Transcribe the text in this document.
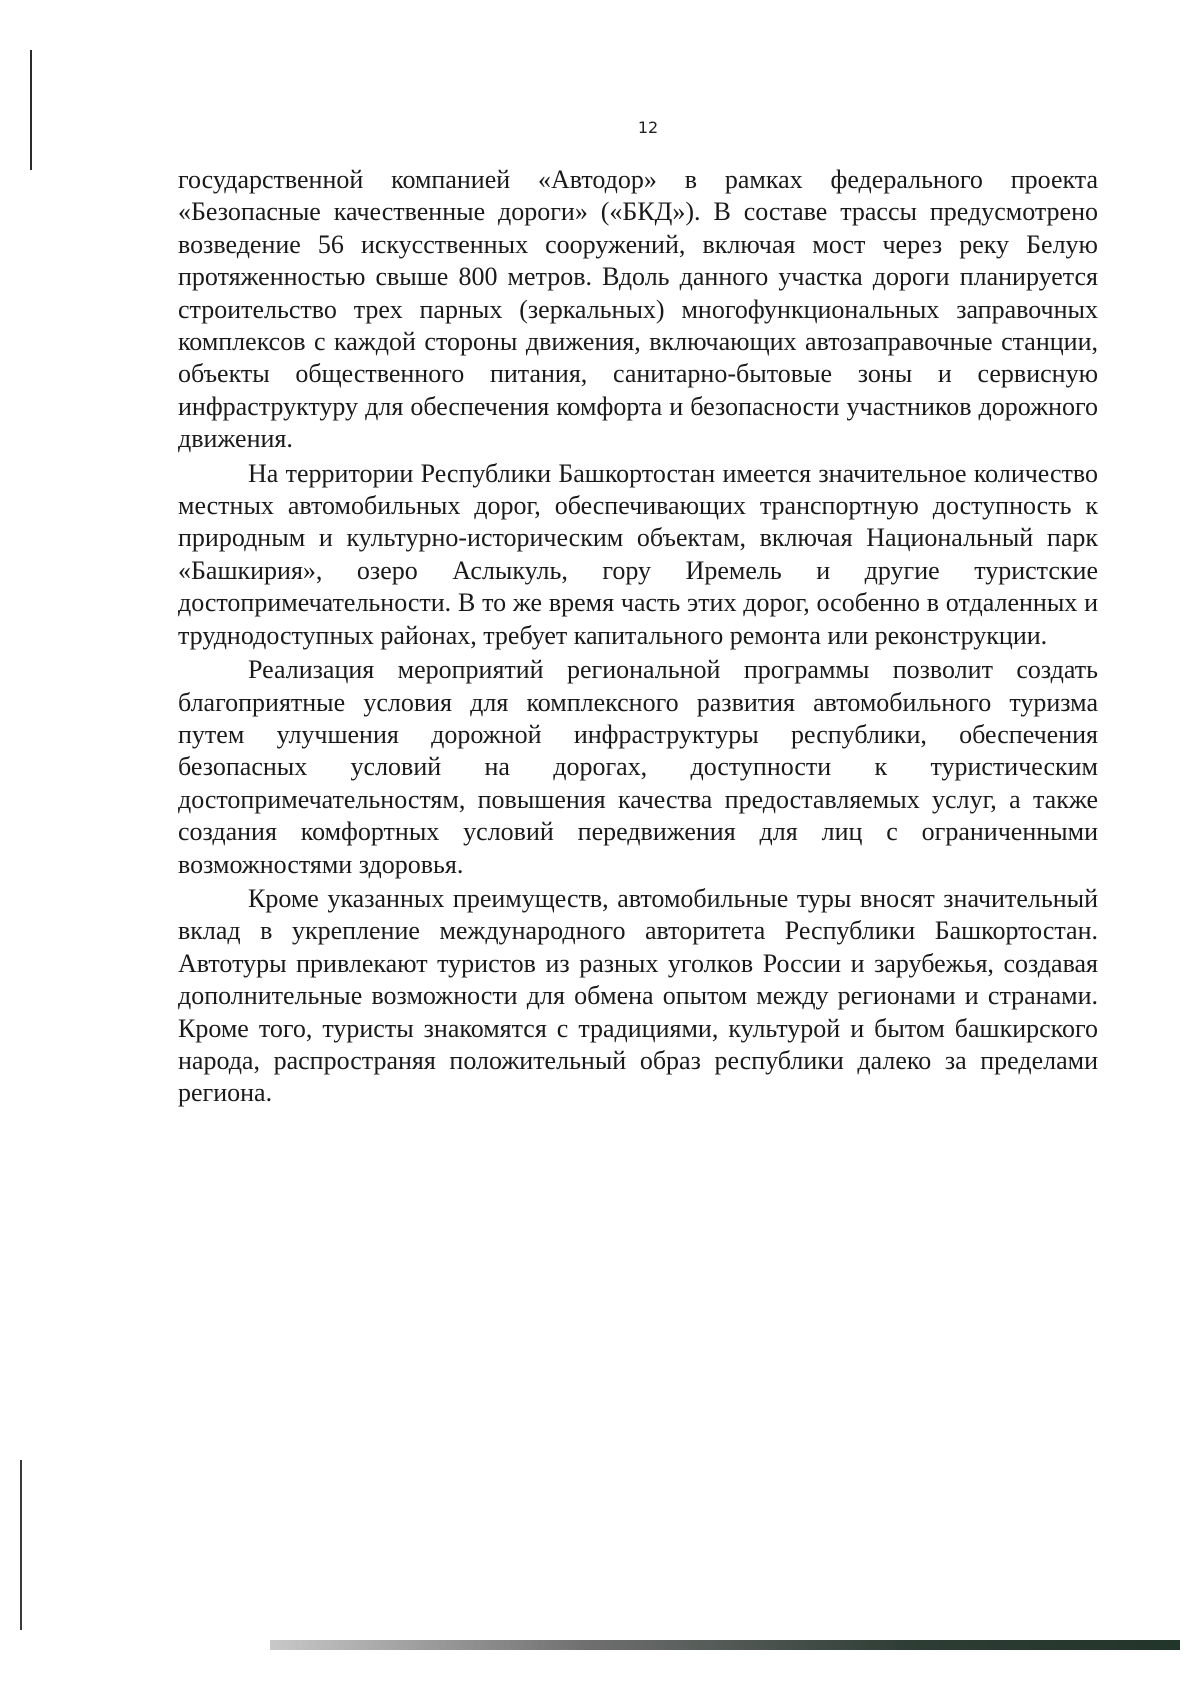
12

государственной компанией «Автодор» в рамках федерального проекта «Безопасные качественные дороги» («БКД»). В составе трассы предусмотрено возведение 56 искусственных сооружений, включая мост через реку Белую протяженностью свыше 800 метров. Вдоль данного участка дороги планируется строительство трех парных (зеркальных) многофункциональных заправочных комплексов с каждой стороны движения, включающих автозаправочные станции, объекты общественного питания, санитарно-бытовые зоны и сервисную инфраструктуру для обеспечения комфорта и безопасности участников дорожного движения.

На территории Республики Башкортостан имеется значительное количество местных автомобильных дорог, обеспечивающих транспортную доступность к природным и культурно-историческим объектам, включая Национальный парк «Башкирия», озеро Аслыкуль, гору Иремель и другие туристские достопримечательности. В то же время часть этих дорог, особенно в отдаленных и труднодоступных районах, требует капитального ремонта или реконструкции.

Реализация мероприятий региональной программы позволит создать благоприятные условия для комплексного развития автомобильного туризма путем улучшения дорожной инфраструктуры республики, обеспечения безопасных условий на дорогах, доступности к туристическим достопримечательностям, повышения качества предоставляемых услуг, а также создания комфортных условий передвижения для лиц с ограниченными возможностями здоровья.

Кроме указанных преимуществ, автомобильные туры вносят значительный вклад в укрепление международного авторитета Республики Башкортостан. Автотуры привлекают туристов из разных уголков России и зарубежья, создавая дополнительные возможности для обмена опытом между регионами и странами. Кроме того, туристы знакомятся с традициями, культурой и бытом башкирского народа, распространяя положительный образ республики далеко за пределами региона.
